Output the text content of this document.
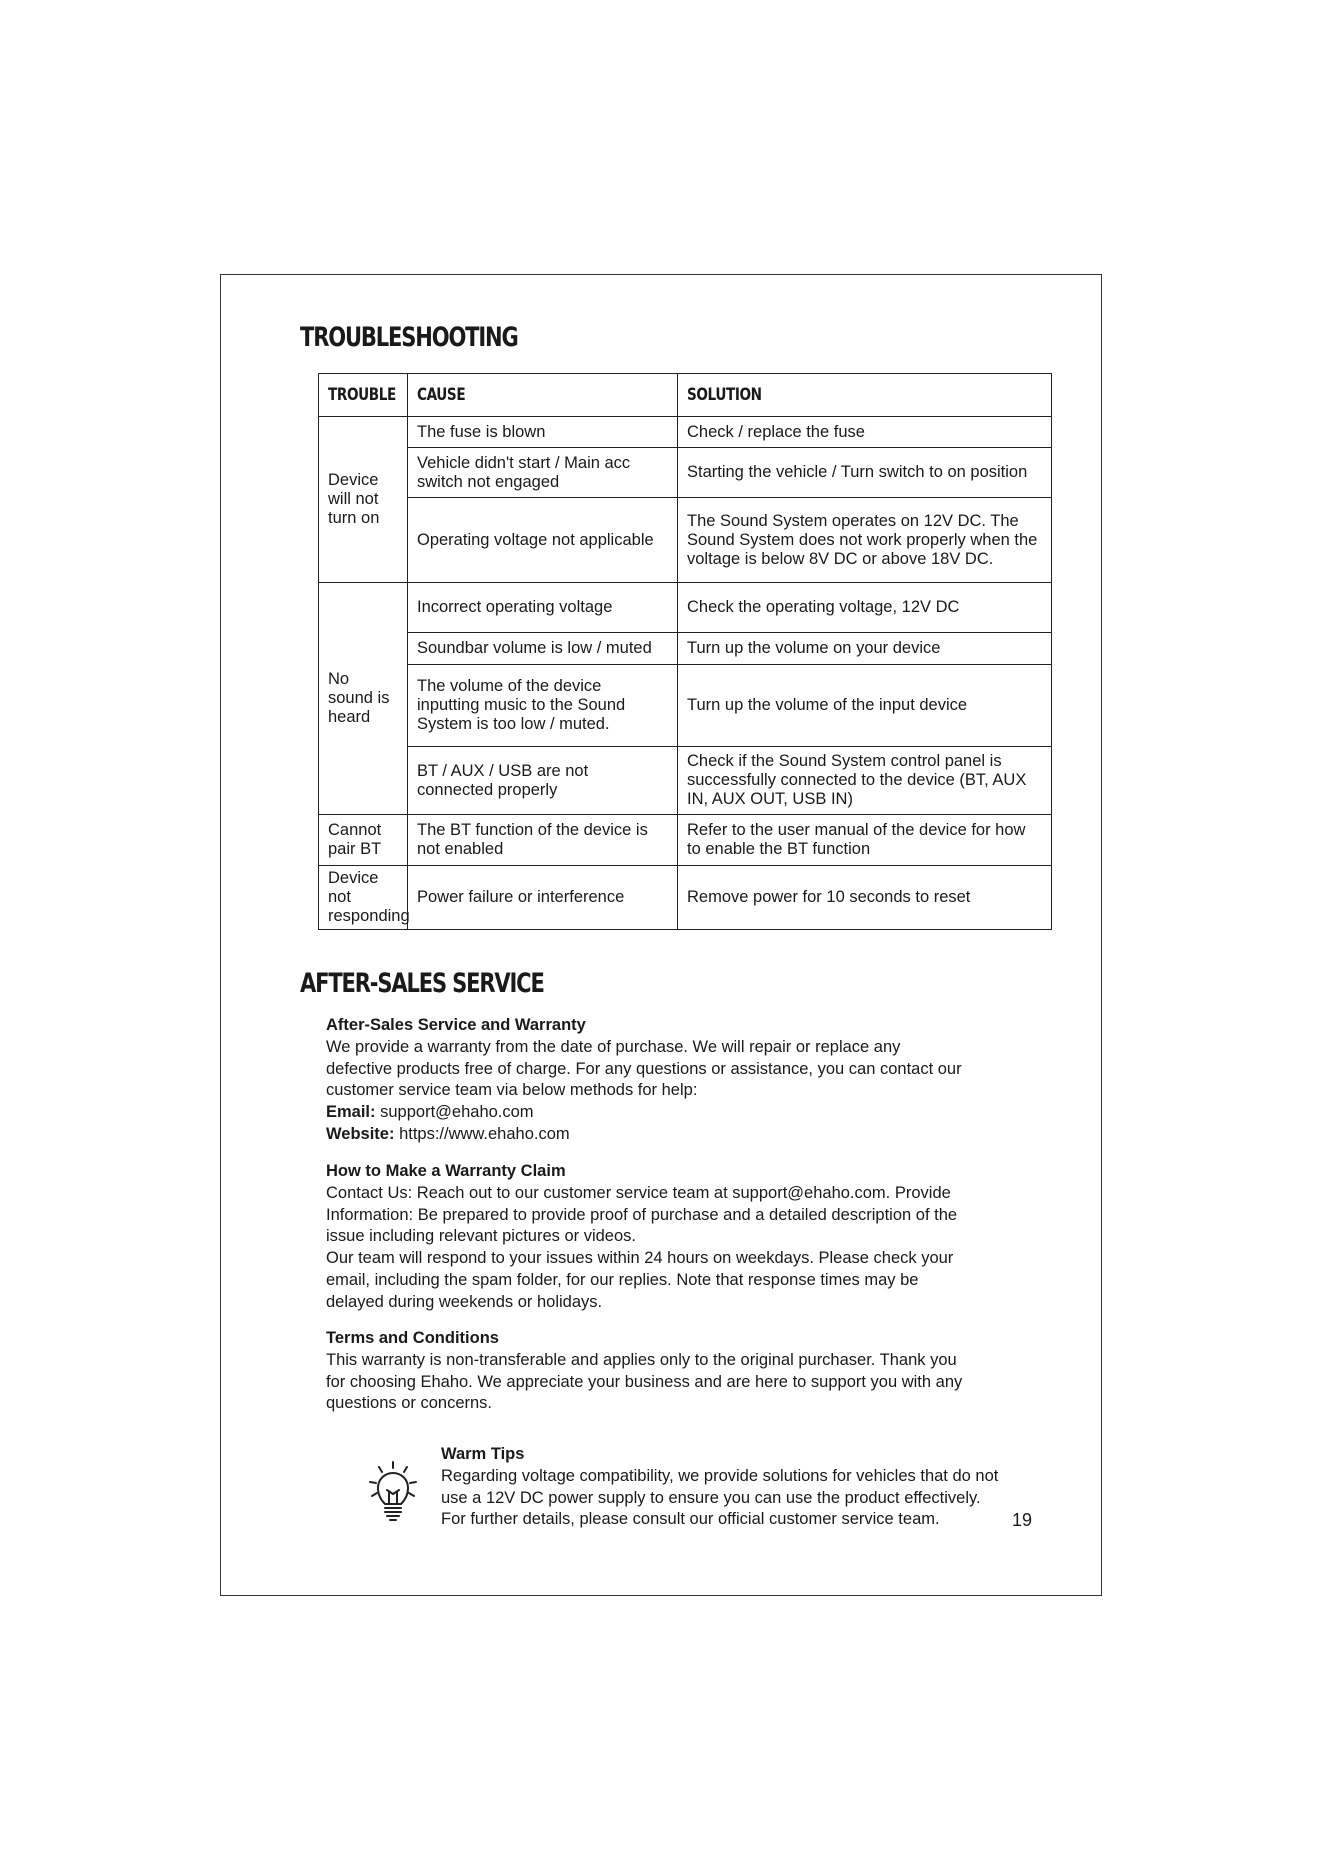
TROUBLESHOOTING
TROUBLE	CAUSE	SOLUTION
Device will not turn on	The fuse is blown	Check / replace the fuse
	Vehicle didn't start / Main acc switch not engaged	Starting the vehicle / Turn switch to on position
	Operating voltage not applicable	The Sound System operates on 12V DC. The Sound System does not work properly when the voltage is below 8V DC or above 18V DC.
No sound is heard	Incorrect operating voltage	Check the operating voltage, 12V DC
	Soundbar volume is low / muted	Turn up the volume on your device
	The volume of the device inputting music to the Sound System is too low / muted.	Turn up the volume of the input device
	BT / AUX / USB are not connected properly	Check if the Sound System control panel is successfully connected to the device (BT, AUX IN, AUX OUT, USB IN)
Cannot pair BT	The BT function of the device is not enabled	Refer to the user manual of the device for how to enable the BT function
Device not responding	Power failure or interference	Remove power for 10 seconds to reset
AFTER-SALES SERVICE

After-Sales Service and Warranty

We provide a warranty from the date of purchase. We will repair or replace any defective products free of charge. For any questions or assistance, you can contact our customer service team via below methods for help:

Email: support@ehaho.com

Website: https://www.ehaho.com

How to Make a Warranty Claim

Contact Us: Reach out to our customer service team at support@ehaho.com. Provide Information: Be prepared to provide proof of purchase and a detailed description of the issue including relevant pictures or videos.

Our team will respond to your issues within 24 hours on weekdays. Please check your email, including the spam folder, for our replies. Note that response times may be delayed during weekends or holidays.

Terms and Conditions

This warranty is non-transferable and applies only to the original purchaser. Thank you for choosing Ehaho. We appreciate your business and are here to support you with any questions or concerns.

Warm Tips

Regarding voltage compatibility, we provide solutions for vehicles that do not use a 12V DC power supply to ensure you can use the product effectively. For further details, please consult our official customer service team.	19
